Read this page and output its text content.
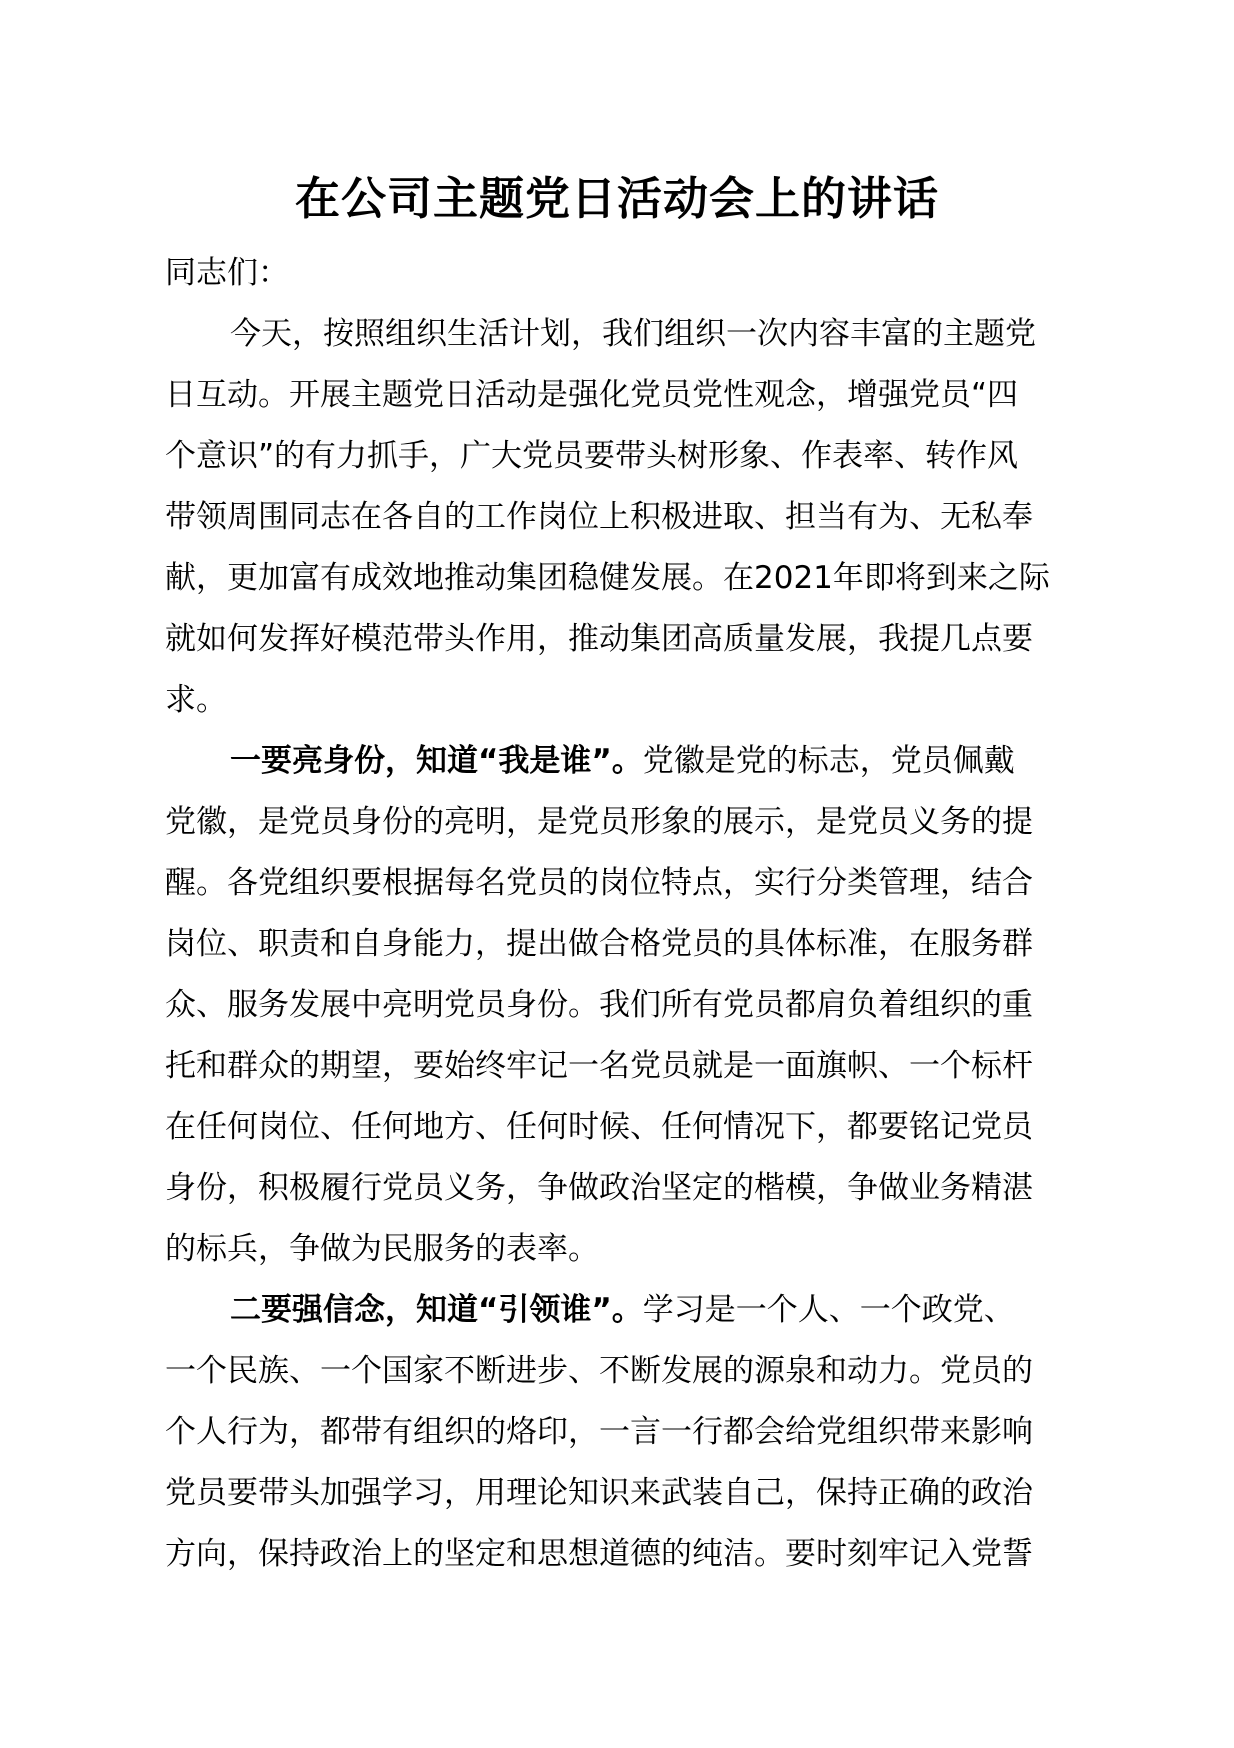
在公司主题党日活动会上的讲话
同志们：
今天，按照组织生活计划，我们组织一次内容丰富的主题党
日互动。开展主题党日活动是强化党员党性观念，增强党员“四
个意识”的有力抓手，广大党员要带头树形象、作表率、转作风
带领周围同志在各自的工作岗位上积极进取、担当有为、无私奉
献，更加富有成效地推动集团稳健发展。在2021年即将到来之际
就如何发挥好模范带头作用，推动集团高质量发展，我提几点要
求。
一要亮身份，知道“我是谁”。党徽是党的标志，党员佩戴
党徽，是党员身份的亮明，是党员形象的展示，是党员义务的提
醒。各党组织要根据每名党员的岗位特点，实行分类管理，结合
岗位、职责和自身能力，提出做合格党员的具体标准，在服务群
众、服务发展中亮明党员身份。我们所有党员都肩负着组织的重
托和群众的期望，要始终牢记一名党员就是一面旗帜、一个标杆
在任何岗位、任何地方、任何时候、任何情况下，都要铭记党员
身份，积极履行党员义务，争做政治坚定的楷模，争做业务精湛
的标兵，争做为民服务的表率。
二要强信念，知道“引领谁”。学习是一个人、一个政党、
一个民族、一个国家不断进步、不断发展的源泉和动力。党员的
个人行为，都带有组织的烙印，一言一行都会给党组织带来影响
党员要带头加强学习，用理论知识来武装自己，保持正确的政治
方向，保持政治上的坚定和思想道德的纯洁。要时刻牢记入党誓
